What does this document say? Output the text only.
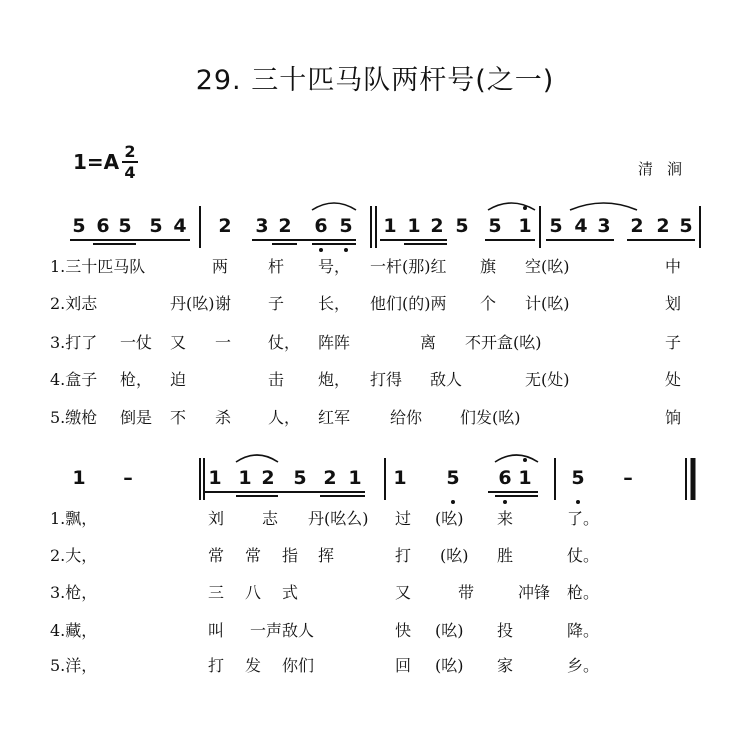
29. 三十匹马队两杆号(之一)
1=A 2
4	清涧
5 6 5 5 4 2 3 2 6 5 1 1 2 5 5 1 5 4 3 2 2 5
1.三十匹马队	两 杆 号， 一杆(那)红 旗 空(吆)	中
2.刘志	丹(吆) 谢 子 长， 他们(的)两 个 计(吆)	划
3.打了 一仗 又 一 仗， 阵阵	离 不开盒(吆)	子
4.盒子 枪， 迫	击 炮， 打得 敌人	无(处)	处
5.缴枪 倒是 不 杀 人， 红军 给你 们发(吆)	饷
1 –	1 1 2 5 2 1 1 5 6 1 5 –
1.飘，	刘 志 丹(吆么) 过 (吆) 来	了。
2.大，	常 常 指 挥	打 (吆) 胜	仗。
3.枪，	三 八 式	又	带	冲锋 枪。
4.藏，	叫 一声敌人	快 (吆) 投	降。
5.洋，	打 发 你们	回 (吆) 家	乡。
